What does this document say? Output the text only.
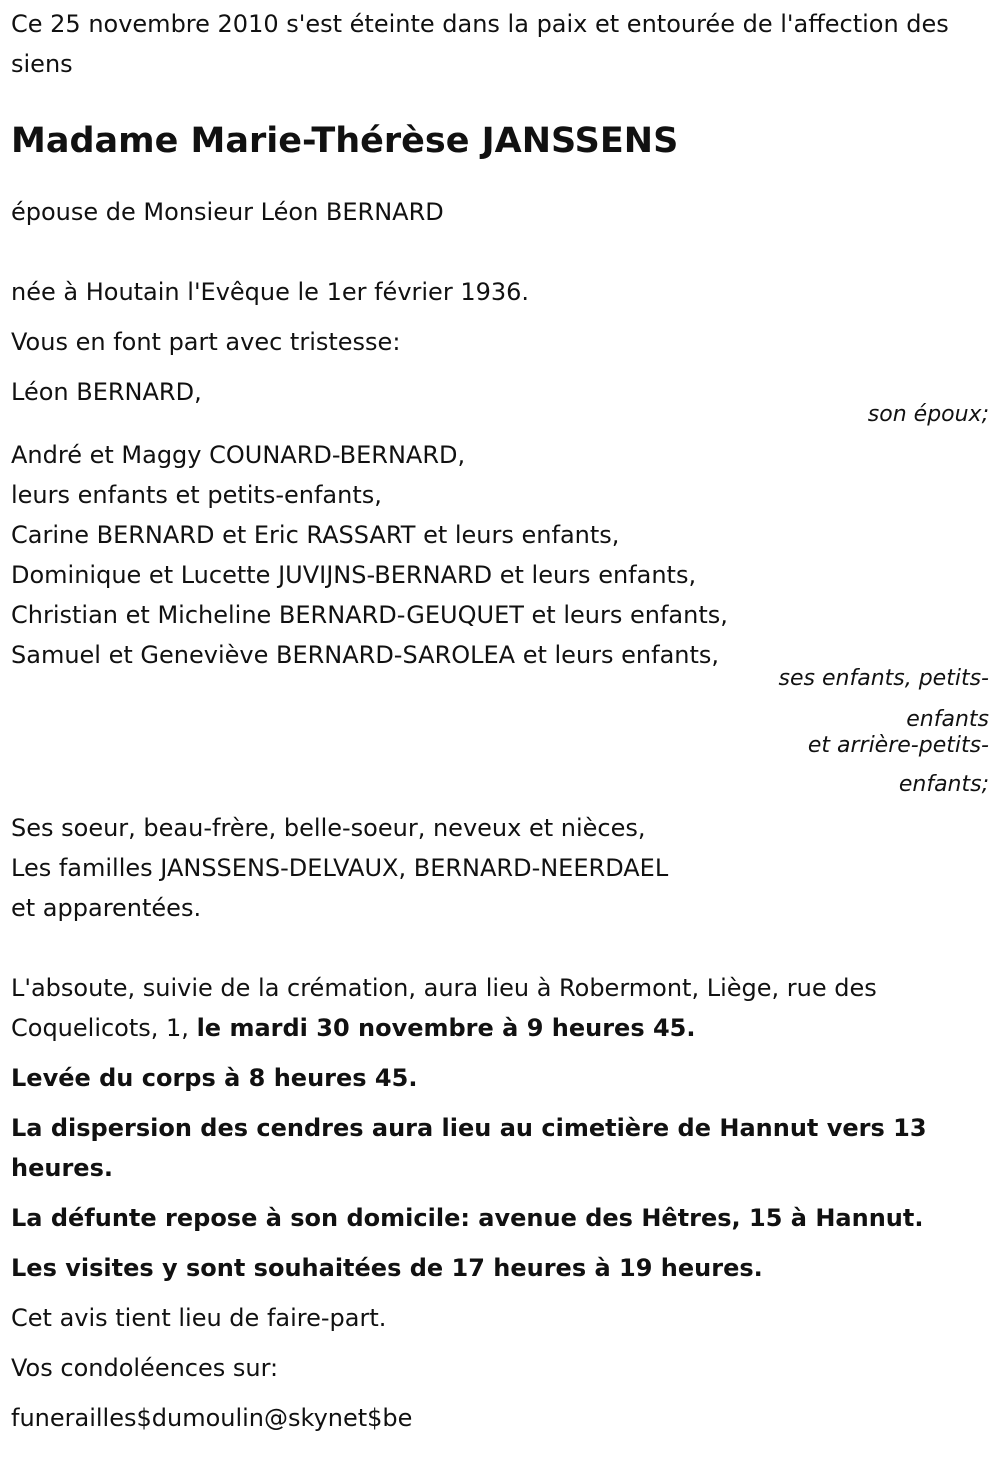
Ce 25 novembre 2010 s'est éteinte dans la paix et entourée de l'affection des siens

Madame Marie-Thérèse JANSSENS

épouse de Monsieur Léon BERNARD

née à Houtain l'Evêque le 1er février 1936.

Vous en font part avec tristesse:

Léon BERNARD,

son époux;

André et Maggy COUNARD-BERNARD,

leurs enfants et petits-enfants,

Carine BERNARD et Eric RASSART et leurs enfants,

Dominique et Lucette JUVIJNS-BERNARD et leurs enfants,

Christian et Micheline BERNARD-GEUQUET et leurs enfants,

Samuel et Geneviève BERNARD-SAROLEA et leurs enfants,

ses enfants, petits-
enfants
et arrière-petits-
enfants;

Ses soeur, beau-frère, belle-soeur, neveux et nièces,

Les familles JANSSENS-DELVAUX, BERNARD-NEERDAEL

et apparentées.

L'absoute, suivie de la crémation, aura lieu à Robermont, Liège, rue des Coquelicots, 1, le mardi 30 novembre à 9 heures 45.

Levée du corps à 8 heures 45.

La dispersion des cendres aura lieu au cimetière de Hannut vers 13 heures.

La défunte repose à son domicile: avenue des Hêtres, 15 à Hannut.

Les visites y sont souhaitées de 17 heures à 19 heures.

Cet avis tient lieu de faire-part.

Vos condoléences sur:

funerailles$dumoulin@skynet$be
